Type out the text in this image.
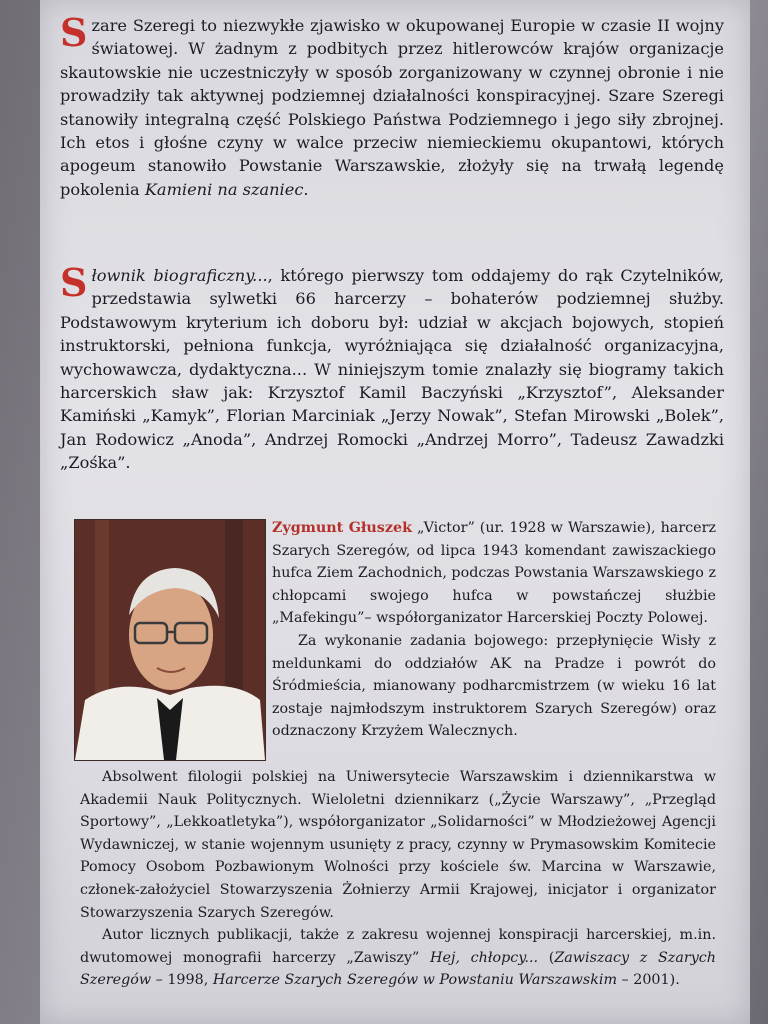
Szare Szeregi to niezwykłe zjawisko w okupowanej Europie w czasie II wojny światowej. W żadnym z podbitych przez hitlerowców krajów organizacje skautowskie nie uczestniczyły w sposób zorganizowany w czynnej obronie i nie prowadziły tak aktywnej podziemnej działalności konspiracyjnej. Szare Szeregi stanowiły integralną część Polskiego Państwa Podziemnego i jego siły zbrojnej. Ich etos i głośne czyny w walce przeciw niemieckiemu okupantowi, których apogeum stanowiło Powstanie Warszawskie, złożyły się na trwałą legendę pokolenia Kamieni na szaniec.
Słownik biograficzny..., którego pierwszy tom oddajemy do rąk Czytelników, przedstawia sylwetki 66 harcerzy – bohaterów podziemnej służby. Podstawowym kryterium ich doboru był: udział w akcjach bojowych, stopień instruktorski, pełniona funkcja, wyróżniająca się działalność organizacyjna, wychowawcza, dydaktyczna... W niniejszym tomie znalazły się biogramy takich harcerskich sław jak: Krzysztof Kamil Baczyński „Krzysztof”, Aleksander Kamiński „Kamyk”, Florian Marciniak „Jerzy Nowak”, Stefan Mirowski „Bolek”, Jan Rodowicz „Anoda”, Andrzej Romocki „Andrzej Morro”, Tadeusz Zawadzki „Zośka”.

Zygmunt Głuszek „Victor” (ur. 1928 w Warszawie), harcerz Szarych Szeregów, od lipca 1943 komendant zawiszackiego hufca Ziem Zachodnich, podczas Powstania Warszawskiego z chłopcami swojego hufca w powstańczej służbie „Mafekingu”– współorganizator Harcerskiej Poczty Polowej.

Za wykonanie zadania bojowego: przepłynięcie Wisły z meldunkami do oddziałów AK na Pradze i powrót do Śródmieścia, mianowany podharcmistrzem (w wieku 16 lat zostaje najmłodszym instruktorem Szarych Szeregów) oraz odznaczony Krzyżem Walecznych.

Absolwent filologii polskiej na Uniwersytecie Warszawskim i dziennikarstwa w Akademii Nauk Politycznych. Wieloletni dziennikarz („Życie Warszawy”, „Przegląd Sportowy”, „Lekkoatletyka”), współorganizator „Solidarności” w Młodzieżowej Agencji Wydawniczej, w stanie wojennym usunięty z pracy, czynny w Prymasowskim Komitecie Pomocy Osobom Pozbawionym Wolności przy kościele św. Marcina w Warszawie, członek-założyciel Stowarzyszenia Żołnierzy Armii Krajowej, inicjator i organizator Stowarzyszenia Szarych Szeregów.

Autor licznych publikacji, także z zakresu wojennej konspiracji harcerskiej, m.in. dwutomowej monografii harcerzy „Zawiszy” Hej, chłopcy... (Zawiszacy z Szarych Szeregów – 1998, Harcerze Szarych Szeregów w Powstaniu Warszawskim – 2001).
